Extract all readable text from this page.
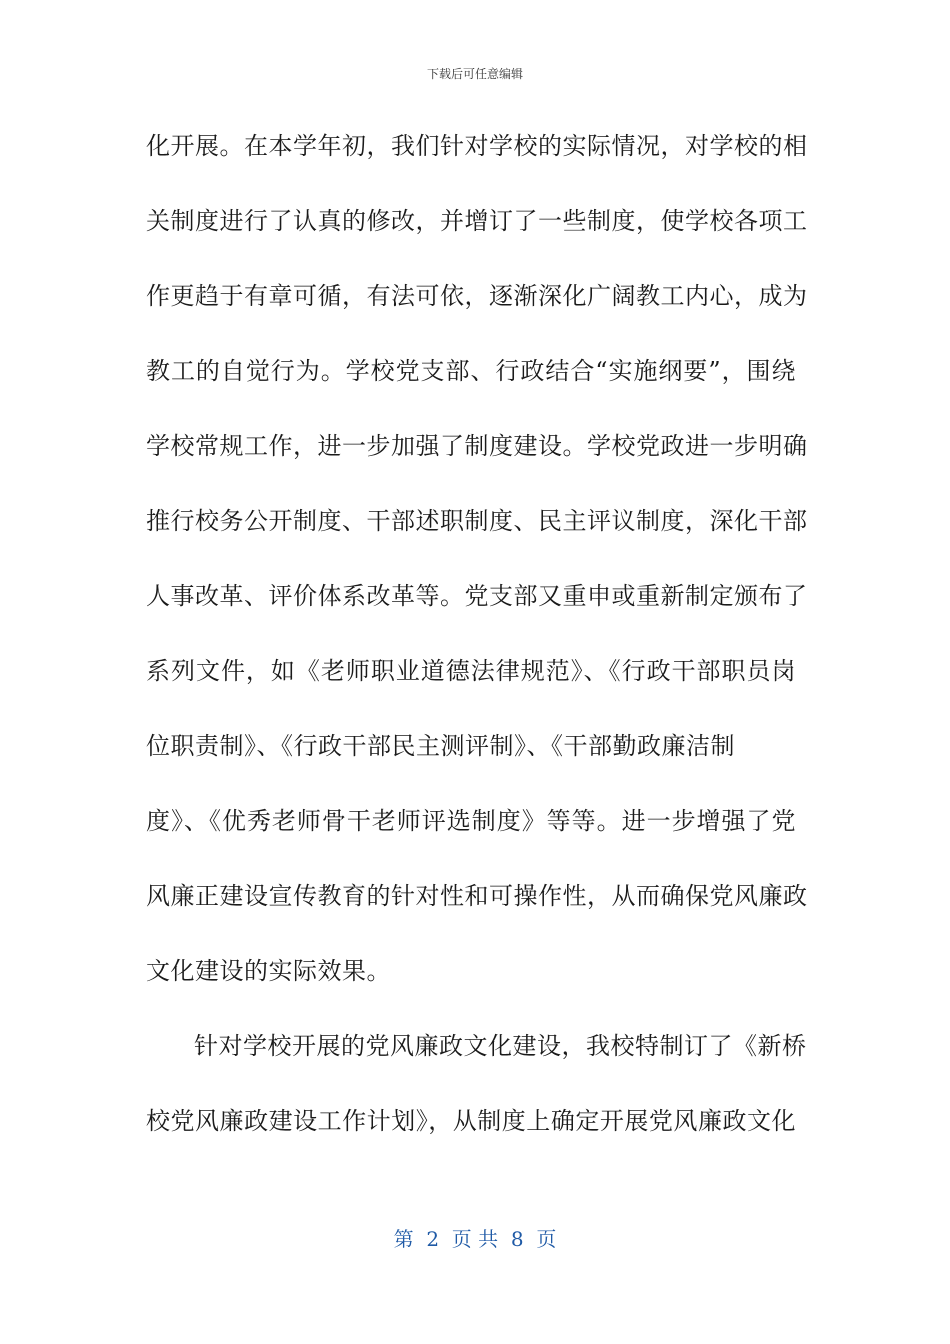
下载后可任意编辑
化开展。在本学年初，我们针对学校的实际情况，对学校的相
关制度进行了认真的修改，并增订了一些制度，使学校各项工
作更趋于有章可循，有法可依，逐渐深化广阔教工内心，成为
教工的自觉行为。学校党支部、行政结合“实施纲要”，围绕
学校常规工作，进一步加强了制度建设。学校党政进一步明确
推行校务公开制度、干部述职制度、民主评议制度，深化干部
人事改革、评价体系改革等。党支部又重申或重新制定颁布了
系列文件，如《老师职业道德法律规范》、《行政干部职员岗
位职责制》、《行政干部民主测评制》、《干部勤政廉洁制
度》、《优秀老师骨干老师评选制度》等等。进一步增强了党
风廉正建设宣传教育的针对性和可操作性，从而确保党风廉政
文化建设的实际效果。
针对学校开展的党风廉政文化建设，我校特制订了《新桥
校党风廉政建设工作计划》，从制度上确定开展党风廉政文化
第  2  页 共  8  页
